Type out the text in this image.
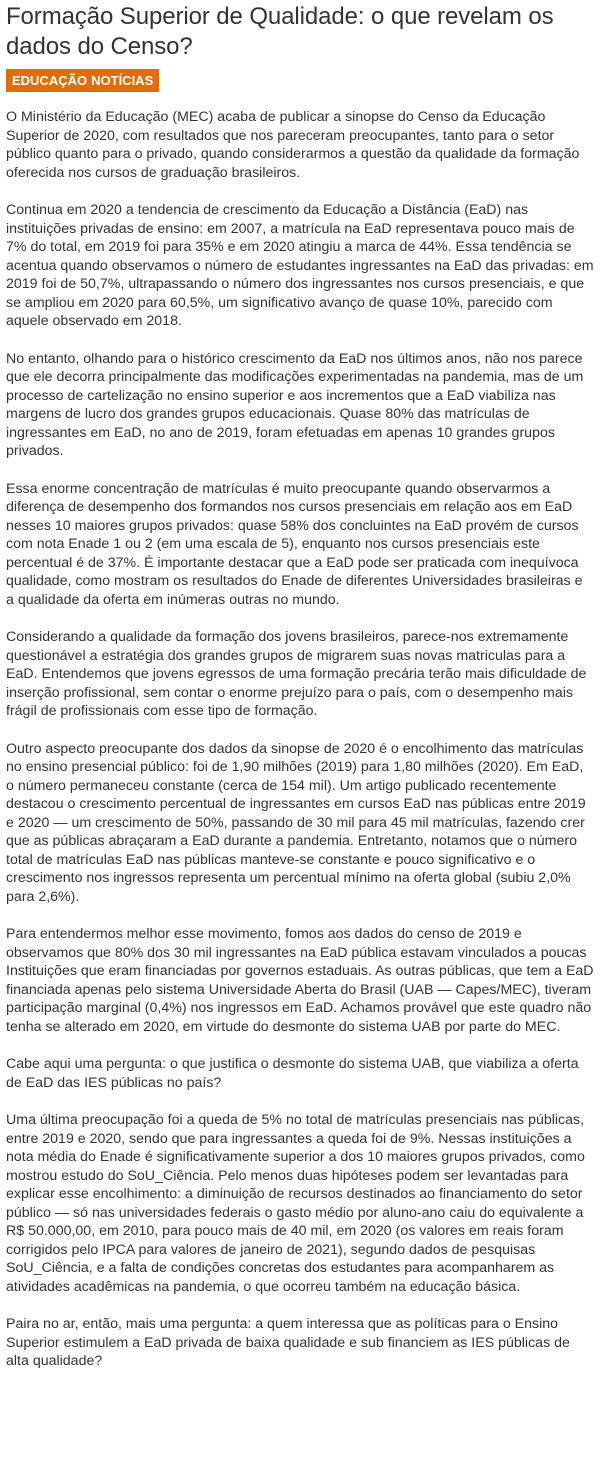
Formação Superior de Qualidade: o que revelam os dados do Censo?
EDUCAÇÃO NOTÍCIAS

O Ministério da Educação (MEC) acaba de publicar a sinopse do Censo da Educação Superior de 2020, com resultados que nos pareceram preocupantes, tanto para o setor público quanto para o privado, quando considerarmos a questão da qualidade da formação oferecida nos cursos de graduação brasileiros.

Continua em 2020 a tendencia de crescimento da Educação a Distância (EaD) nas instituições privadas de ensino: em 2007, a matrícula na EaD representava pouco mais de 7% do total, em 2019 foi para 35% e em 2020 atingiu a marca de 44%. Essa tendência se acentua quando observamos o número de estudantes ingressantes na EaD das privadas: em 2019 foi de 50,7%, ultrapassando o número dos ingressantes nos cursos presenciais, e que se ampliou em 2020 para 60,5%, um significativo avanço de quase 10%, parecido com aquele observado em 2018.

No entanto, olhando para o histórico crescimento da EaD nos últimos anos, não nos parece que ele decorra principalmente das modificações experimentadas na pandemia, mas de um processo de cartelização no ensino superior e aos incrementos que a EaD viabiliza nas margens de lucro dos grandes grupos educacionais. Quase 80% das matrículas de ingressantes em EaD, no ano de 2019, foram efetuadas em apenas 10 grandes grupos privados.

Essa enorme concentração de matrículas é muito preocupante quando observarmos a diferença de desempenho dos formandos nos cursos presenciais em relação aos em EaD nesses 10 maiores grupos privados: quase 58% dos concluintes na EaD provém de cursos com nota Enade 1 ou 2 (em uma escala de 5), enquanto nos cursos presenciais este percentual é de 37%. É importante destacar que a EaD pode ser praticada com inequívoca qualidade, como mostram os resultados do Enade de diferentes Universidades brasileiras e a qualidade da oferta em inúmeras outras no mundo.

Considerando a qualidade da formação dos jovens brasileiros, parece-nos extremamente questionável a estratégia dos grandes grupos de migrarem suas novas matriculas para a EaD. Entendemos que jovens egressos de uma formação precária terão mais dificuldade de inserção profissional, sem contar o enorme prejuízo para o país, com o desempenho mais frágil de profissionais com esse tipo de formação.

Outro aspecto preocupante dos dados da sinopse de 2020 é o encolhimento das matrículas no ensino presencial público: foi de 1,90 milhões (2019) para 1,80 milhões (2020). Em EaD, o número permaneceu constante (cerca de 154 mil). Um artigo publicado recentemente destacou o crescimento percentual de ingressantes em cursos EaD nas públicas entre 2019 e 2020 — um crescimento de 50%, passando de 30 mil para 45 mil matrículas, fazendo crer que as públicas abraçaram a EaD durante a pandemia. Entretanto, notamos que o número total de matrículas EaD nas públicas manteve-se constante e pouco significativo e o crescimento nos ingressos representa um percentual mínimo na oferta global (subiu 2,0% para 2,6%).

Para entendermos melhor esse movimento, fomos aos dados do censo de 2019 e observamos que 80% dos 30 mil ingressantes na EaD pública estavam vinculados a poucas Instituições que eram financiadas por governos estaduais. As outras públicas, que tem a EaD financiada apenas pelo sistema Universidade Aberta do Brasil (UAB — Capes/MEC), tiveram participação marginal (0,4%) nos ingressos em EaD. Achamos provável que este quadro não tenha se alterado em 2020, em virtude do desmonte do sistema UAB por parte do MEC.

Cabe aqui uma pergunta: o que justifica o desmonte do sistema UAB, que viabiliza a oferta de EaD das IES públicas no país?

Uma última preocupação foi a queda de 5% no total de matrículas presenciais nas públicas, entre 2019 e 2020, sendo que para ingressantes a queda foi de 9%. Nessas instituições a nota média do Enade é significativamente superior a dos 10 maiores grupos privados, como mostrou estudo do SoU_Ciência. Pelo menos duas hipóteses podem ser levantadas para explicar esse encolhimento: a diminuição de recursos destinados ao financiamento do setor público — só nas universidades federais o gasto médio por aluno-ano caiu do equivalente a R$ 50.000,00, em 2010, para pouco mais de 40 mil, em 2020 (os valores em reais foram corrigidos pelo IPCA para valores de janeiro de 2021), segundo dados de pesquisas SoU_Ciência, e a falta de condições concretas dos estudantes para acompanharem as atividades acadêmicas na pandemia, o que ocorreu também na educação básica.

Paira no ar, então, mais uma pergunta: a quem interessa que as políticas para o Ensino Superior estimulem a EaD privada de baixa qualidade e sub financiem as IES públicas de alta qualidade?
